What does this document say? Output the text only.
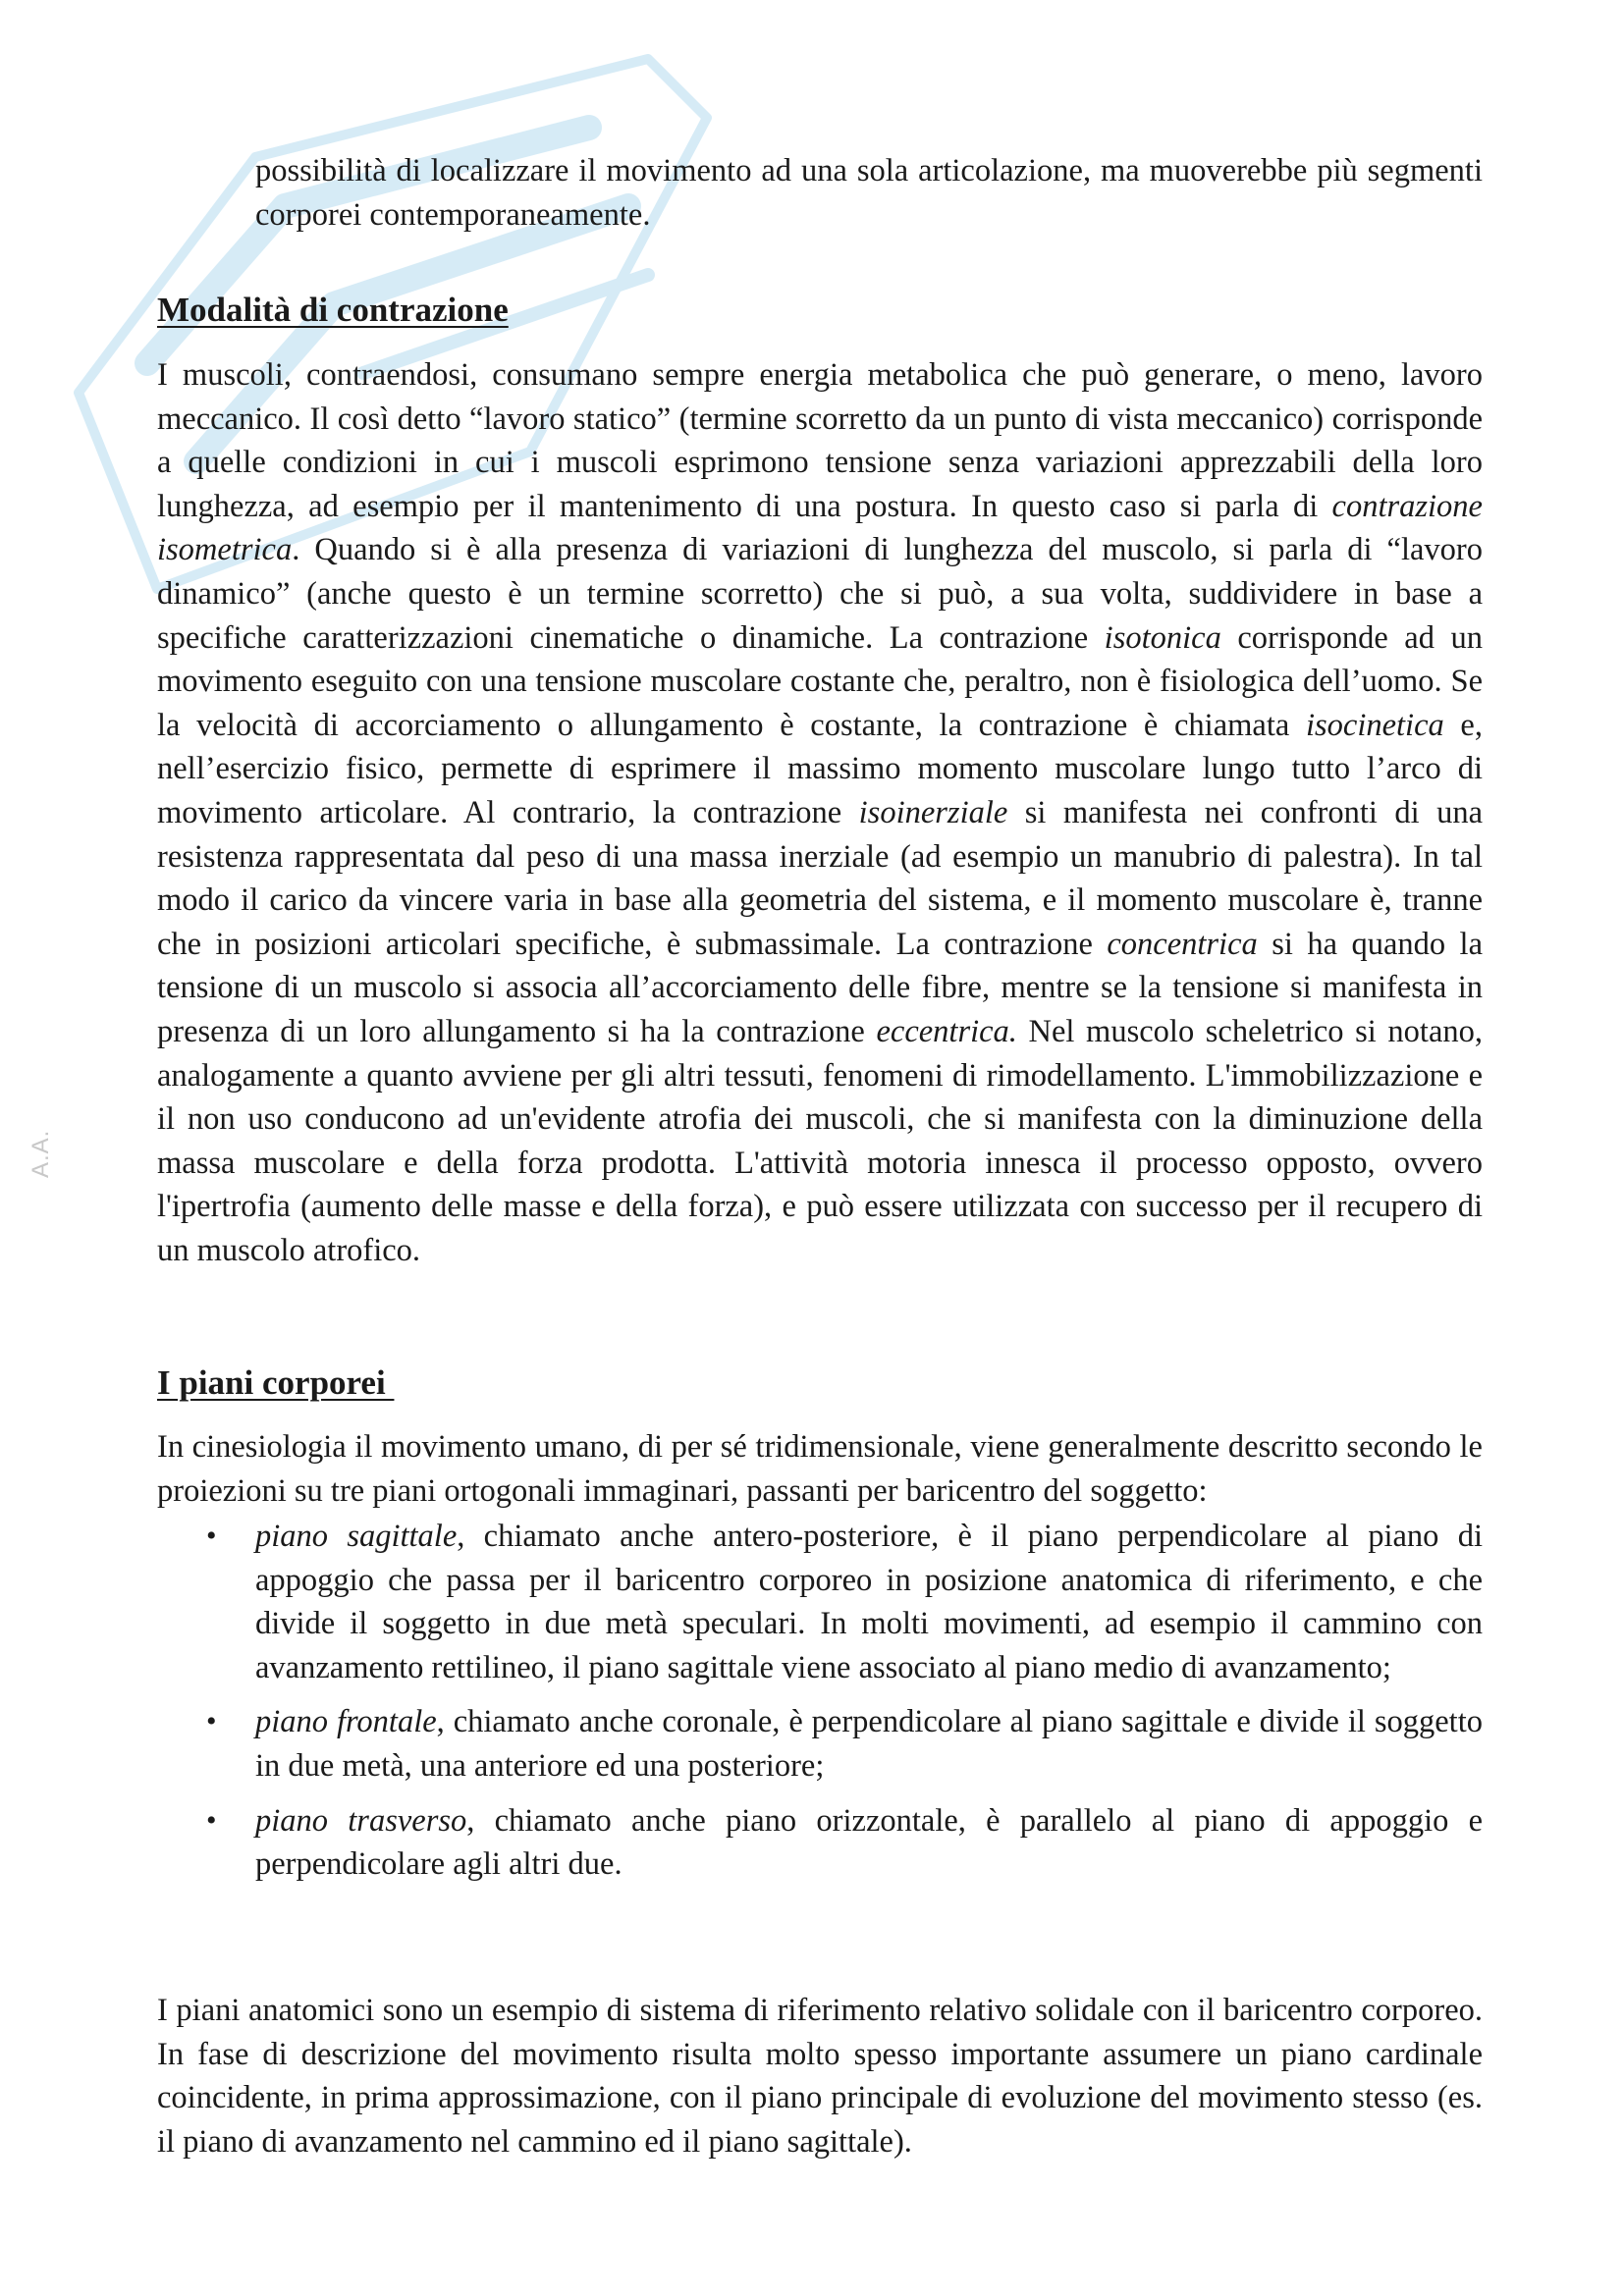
possibilità di localizzare il movimento ad una sola articolazione, ma muoverebbe più segmenti corporei contemporaneamente.
Modalità di contrazione
I muscoli, contraendosi, consumano sempre energia metabolica che può generare, o meno, lavoro meccanico. Il così detto “lavoro statico” (termine scorretto da un punto di vista meccanico) corrisponde a quelle condizioni in cui i muscoli esprimono tensione senza variazioni apprezzabili della loro lunghezza, ad esempio per il mantenimento di una postura. In questo caso si parla di contrazione isometrica. Quando si è alla presenza di variazioni di lunghezza del muscolo, si parla di “lavoro dinamico” (anche questo è un termine scorretto) che si può, a sua volta, suddividere in base a specifiche caratterizzazioni cinematiche o dinamiche. La contrazione isotonica corrisponde ad un movimento eseguito con una tensione muscolare costante che, peraltro, non è fisiologica dell’uomo. Se la velocità di accorciamento o allungamento è costante, la contrazione è chiamata isocinetica e, nell’esercizio fisico, permette di esprimere il massimo momento muscolare lungo tutto l’arco di movimento articolare. Al contrario, la contrazione isoinerziale si manifesta nei confronti di una resistenza rappresentata dal peso di una massa inerziale (ad esempio un manubrio di palestra). In tal modo il carico da vincere varia in base alla geometria del sistema, e il momento muscolare è, tranne che in posizioni articolari specifiche, è submassimale. La contrazione concentrica si ha quando la tensione di un muscolo si associa all’accorciamento delle fibre, mentre se la tensione si manifesta in presenza di un loro allungamento si ha la contrazione eccentrica. Nel muscolo scheletrico si notano, analogamente a quanto avviene per gli altri tessuti, fenomeni di rimodellamento. L'immobilizzazione e il non uso conducono ad un'evidente atrofia dei muscoli, che si manifesta con la diminuzione della massa muscolare e della forza prodotta. L'attività motoria innesca il processo opposto, ovvero l'ipertrofia (aumento delle masse e della forza), e può essere utilizzata con successo per il recupero di un muscolo atrofico.
I piani corporei
In cinesiologia il movimento umano, di per sé tridimensionale, viene generalmente descritto secondo le proiezioni su tre piani ortogonali immaginari, passanti per baricentro del soggetto:
• piano sagittale, chiamato anche antero-posteriore, è il piano perpendicolare al piano di appoggio che passa per il baricentro corporeo in posizione anatomica di riferimento, e che divide il soggetto in due metà speculari. In molti movimenti, ad esempio il cammino con avanzamento rettilineo, il piano sagittale viene associato al piano medio di avanzamento;
• piano frontale, chiamato anche coronale, è perpendicolare al piano sagittale e divide il soggetto in due metà, una anteriore ed una posteriore;
• piano trasverso, chiamato anche piano orizzontale, è parallelo al piano di appoggio e perpendicolare agli altri due.
I piani anatomici sono un esempio di sistema di riferimento relativo solidale con il baricentro corporeo. In fase di descrizione del movimento risulta molto spesso importante assumere un piano cardinale coincidente, in prima approssimazione, con il piano principale di evoluzione del movimento stesso (es. il piano di avanzamento nel cammino ed il piano sagittale).
A.A.
